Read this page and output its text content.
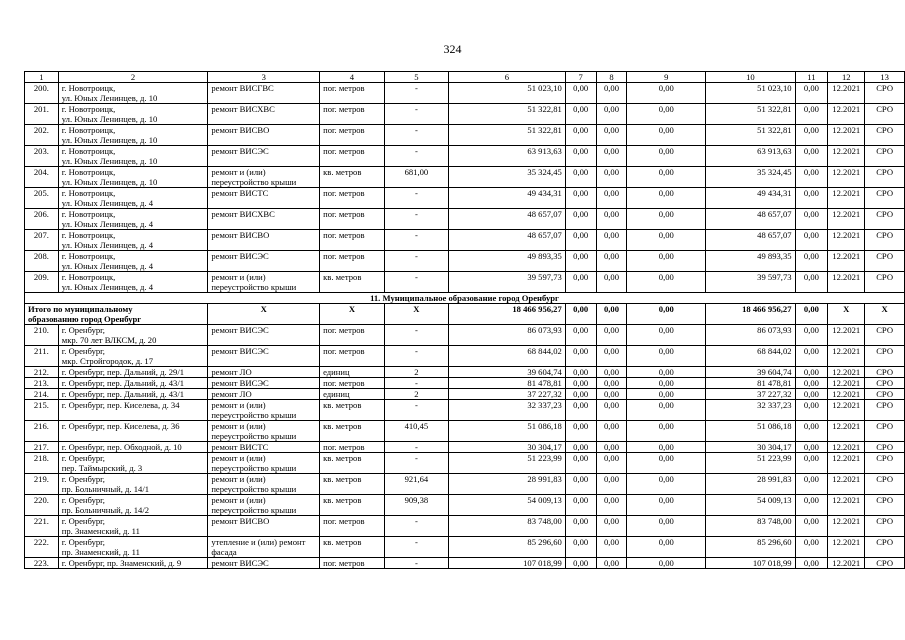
324
1	2	3	4	5	6	7	8	9	10	11	12	13
200.	г. Новотроицк,
ул. Юных Ленинцев, д. 10	ремонт ВИСГВС	пог. метров	-	51 023,10	0,00	0,00	0,00	51 023,10	0,00	12.2021	СРО
201.	г. Новотроицк,
ул. Юных Ленинцев, д. 10	ремонт ВИСХВС	пог. метров	-	51 322,81	0,00	0,00	0,00	51 322,81	0,00	12.2021	СРО
202.	г. Новотроицк,
ул. Юных Ленинцев, д. 10	ремонт ВИСВО	пог. метров	-	51 322,81	0,00	0,00	0,00	51 322,81	0,00	12.2021	СРО
203.	г. Новотроицк,
ул. Юных Ленинцев, д. 10	ремонт ВИСЭС	пог. метров	-	63 913,63	0,00	0,00	0,00	63 913,63	0,00	12.2021	СРО
204.	г. Новотроицк,
ул. Юных Ленинцев, д. 10	ремонт и (или)
переустройство крыши	кв. метров	681,00	35 324,45	0,00	0,00	0,00	35 324,45	0,00	12.2021	СРО
205.	г. Новотроицк,
ул. Юных Ленинцев, д. 4	ремонт ВИСТС	пог. метров	-	49 434,31	0,00	0,00	0,00	49 434,31	0,00	12.2021	СРО
206.	г. Новотроицк,
ул. Юных Ленинцев, д. 4	ремонт ВИСХВС	пог. метров	-	48 657,07	0,00	0,00	0,00	48 657,07	0,00	12.2021	СРО
207.	г. Новотроицк,
ул. Юных Ленинцев, д. 4	ремонт ВИСВО	пог. метров	-	48 657,07	0,00	0,00	0,00	48 657,07	0,00	12.2021	СРО
208.	г. Новотроицк,
ул. Юных Ленинцев, д. 4	ремонт ВИСЭС	пог. метров	-	49 893,35	0,00	0,00	0,00	49 893,35	0,00	12.2021	СРО
209.	г. Новотроицк,
ул. Юных Ленинцев, д. 4	ремонт и (или)
переустройство крыши	кв. метров	-	39 597,73	0,00	0,00	0,00	39 597,73	0,00	12.2021	СРО
11. Муниципальное образование город Оренбург												
Итого по муниципальному
образованию город Оренбург		X	X	X	18 466 956,27	0,00	0,00	0,00	18 466 956,27	0,00	X	X
210.	г. Оренбург,
мкр. 70 лет ВЛКСМ, д. 20	ремонт ВИСЭС	пог. метров	-	86 073,93	0,00	0,00	0,00	86 073,93	0,00	12.2021	СРО
211.	г. Оренбург,
мкр. Стройгородок, д. 17	ремонт ВИСЭС	пог. метров	-	68 844,02	0,00	0,00	0,00	68 844,02	0,00	12.2021	СРО
212.	г. Оренбург, пер. Дальний, д. 29/1	ремонт ЛО	единиц	2	39 604,74	0,00	0,00	0,00	39 604,74	0,00	12.2021	СРО
213.	г. Оренбург, пер. Дальний, д. 43/1	ремонт ВИСЭС	пог. метров	-	81 478,81	0,00	0,00	0,00	81 478,81	0,00	12.2021	СРО
214.	г. Оренбург, пер. Дальний, д. 43/1	ремонт ЛО	единиц	2	37 227,32	0,00	0,00	0,00	37 227,32	0,00	12.2021	СРО
215.	г. Оренбург, пер. Киселева, д. 34	ремонт и (или)
переустройство крыши	кв. метров	-	32 337,23	0,00	0,00	0,00	32 337,23	0,00	12.2021	СРО
216.	г. Оренбург, пер. Киселева, д. 36	ремонт и (или)
переустройство крыши	кв. метров	410,45	51 086,18	0,00	0,00	0,00	51 086,18	0,00	12.2021	СРО
217.	г. Оренбург, пер. Обходной, д. 10	ремонт ВИСТС	пог. метров	-	30 304,17	0,00	0,00	0,00	30 304,17	0,00	12.2021	СРО
218.	г. Оренбург,
пер. Таймырский, д. 3	ремонт и (или)
переустройство крыши	кв. метров	-	51 223,99	0,00	0,00	0,00	51 223,99	0,00	12.2021	СРО
219.	г. Оренбург,
пр. Больничный, д. 14/1	ремонт и (или)
переустройство крыши	кв. метров	921,64	28 991,83	0,00	0,00	0,00	28 991,83	0,00	12.2021	СРО
220.	г. Оренбург,
пр. Больничный, д. 14/2	ремонт и (или)
переустройство крыши	кв. метров	909,38	54 009,13	0,00	0,00	0,00	54 009,13	0,00	12.2021	СРО
221.	г. Оренбург,
пр. Знаменский, д. 11	ремонт ВИСВО	пог. метров	-	83 748,00	0,00	0,00	0,00	83 748,00	0,00	12.2021	СРО
222.	г. Оренбург,
пр. Знаменский, д. 11	утепление и (или) ремонт
фасада	кв. метров	-	85 296,60	0,00	0,00	0,00	85 296,60	0,00	12.2021	СРО
223.	г. Оренбург, пр. Знаменский, д. 9	ремонт ВИСЭС	пог. метров	-	107 018,99	0,00	0,00	0,00	107 018,99	0,00	12.2021	СРО
